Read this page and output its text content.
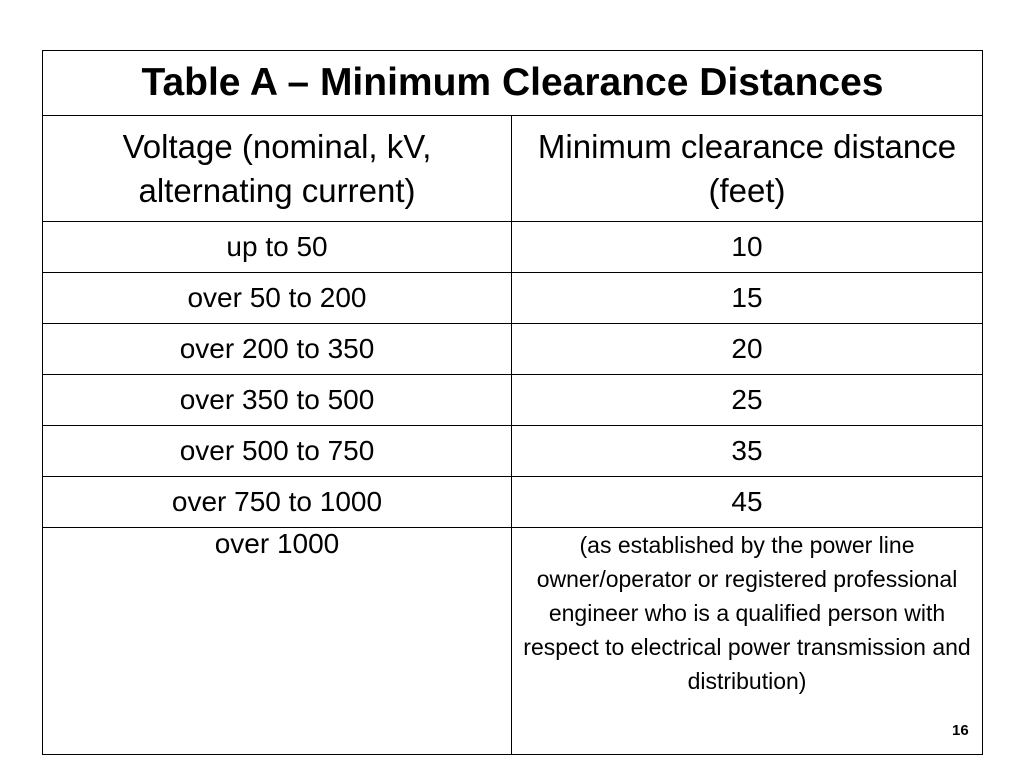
Table A – Minimum Clearance Distances	
Voltage (nominal, kV, alternating current)	Minimum clearance distance (feet)
up to 50	10
over 50 to 200	15
over 200 to 350	20
over 350 to 500	25
over 500 to 750	35
over 750 to 1000	45
over 1000	(as established by the power line owner/operator or registered professional engineer who is a qualified person with respect to electrical power transmission and distribution)
16
